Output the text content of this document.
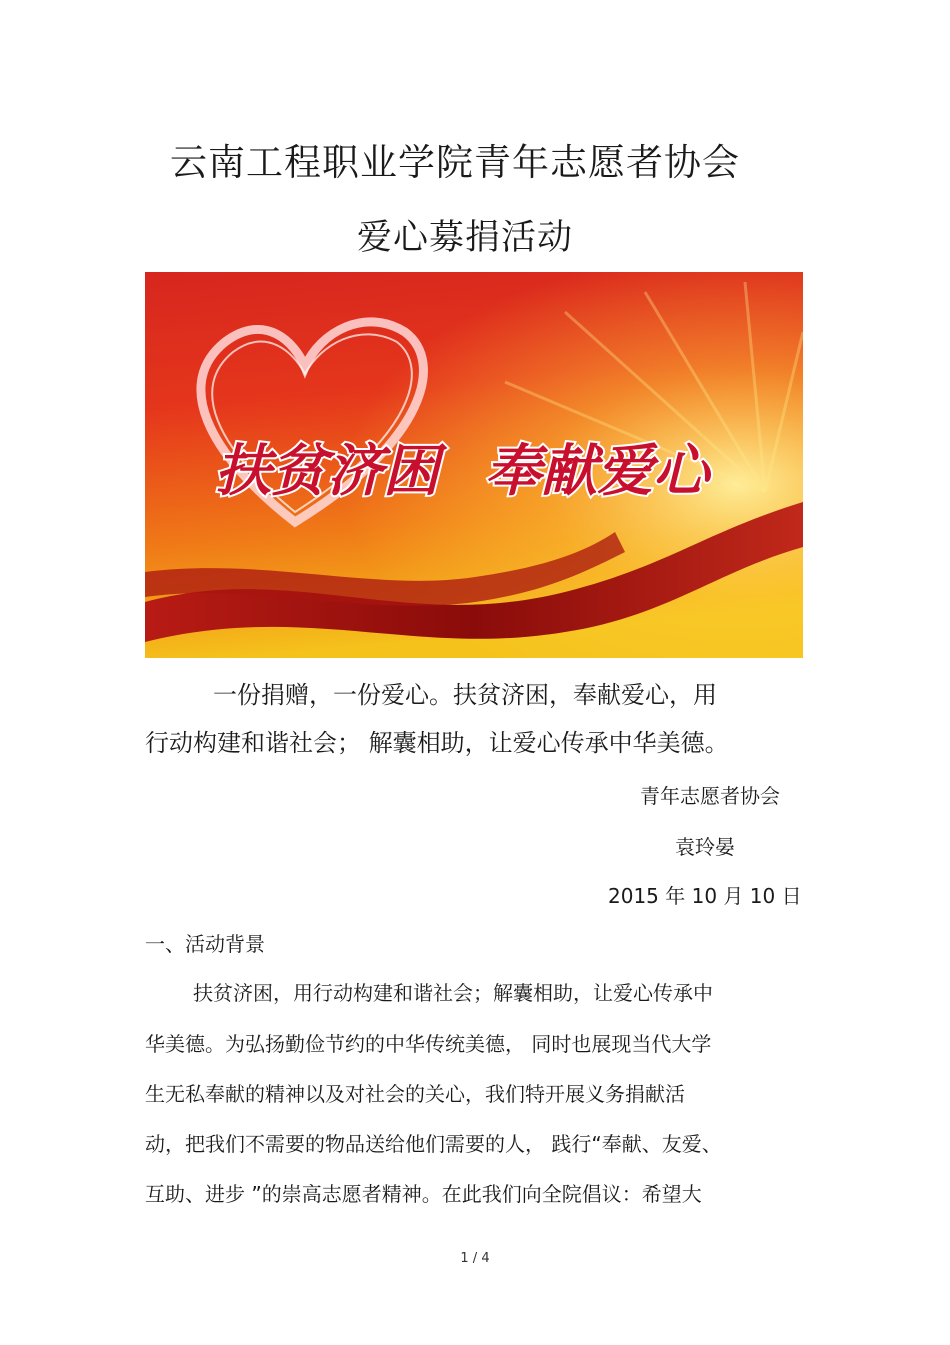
云南工程职业学院青年志愿者协会
爱心募捐活动
扶贫济困 奉献爱心
一份捐赠，一份爱心。扶贫济困，奉献爱心，用
行动构建和谐社会； 解囊相助，让爱心传承中华美德。
青年志愿者协会
袁玲晏
2015 年 10 月 10 日
一、活动背景
扶贫济困，用行动构建和谐社会；解囊相助，让爱心传承中
华美德。为弘扬勤俭节约的中华传统美德， 同时也展现当代大学
生无私奉献的精神以及对社会的关心，我们特开展义务捐献活
动，把我们不需要的物品送给他们需要的人， 践行“奉献、友爱、
互助、进步 ”的崇高志愿者精神。在此我们向全院倡议：希望大
1 / 4
